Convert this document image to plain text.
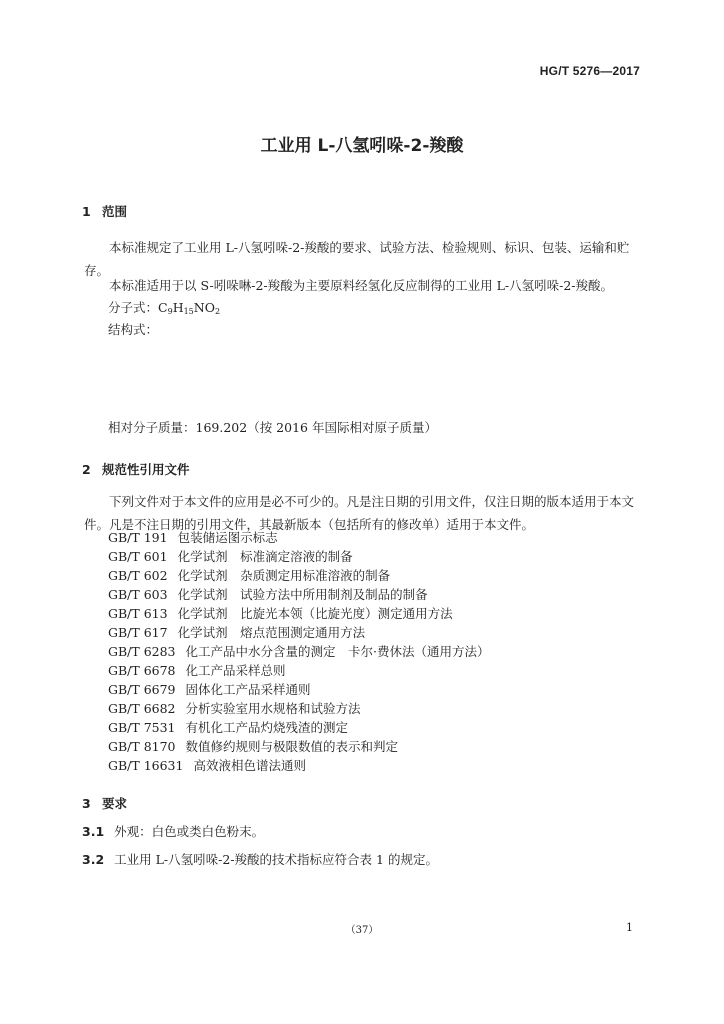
HG/T 5276—2017
工业用 L-八氢吲哚-2-羧酸
1 范围
本标准规定了工业用 L-八氢吲哚-2-羧酸的要求、试验方法、检验规则、标识、包装、运输和贮存。
本标准适用于以 S-吲哚啉-2-羧酸为主要原料经氢化反应制得的工业用 L-八氢吲哚-2-羧酸。
分子式：$C_9H_{15}NO_2$
结构式：
相对分子质量：169.202（按 2016 年国际相对原子质量）
2 规范性引用文件
下列文件对于本文件的应用是必不可少的。凡是注日期的引用文件，仅注日期的版本适用于本文件。凡是不注日期的引用文件，其最新版本（包括所有的修改单）适用于本文件。
GB/T 191 包装储运图示标志
GB/T 601 化学试剂　标准滴定溶液的制备
GB/T 602 化学试剂　杂质测定用标准溶液的制备
GB/T 603 化学试剂　试验方法中所用制剂及制品的制备
GB/T 613 化学试剂　比旋光本领（比旋光度）测定通用方法
GB/T 617 化学试剂　熔点范围测定通用方法
GB/T 6283 化工产品中水分含量的测定　卡尔·费休法（通用方法）
GB/T 6678 化工产品采样总则
GB/T 6679 固体化工产品采样通则
GB/T 6682 分析实验室用水规格和试验方法
GB/T 7531 有机化工产品灼烧残渣的测定
GB/T 8170 数值修约规则与极限数值的表示和判定
GB/T 16631 高效液相色谱法通则
3 要求
3.1 外观：白色或类白色粉末。
3.2 工业用 L-八氢吲哚-2-羧酸的技术指标应符合表 1 的规定。
（37）	1
